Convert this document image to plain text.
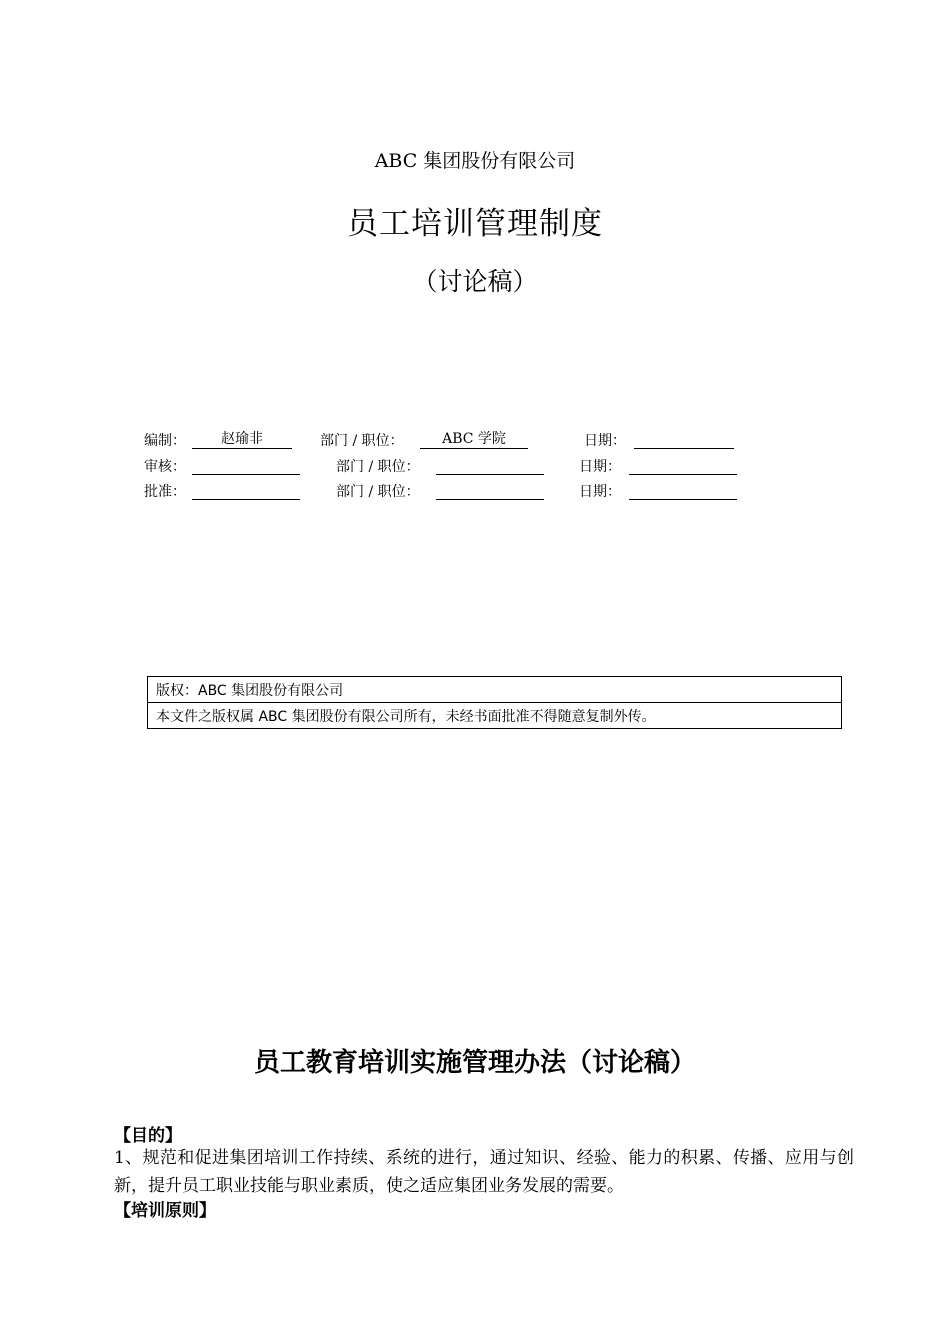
ABC 集团股份有限公司
员工培训管理制度
（讨论稿）
编制：	赵瑜非	部门 / 职位：	ABC 学院	日期：
审核：	部门 / 职位：	日期：
批准：	部门 / 职位：	日期：
版权：ABC 集团股份有限公司
本文件之版权属 ABC 集团股份有限公司所有，未经书面批准不得随意复制外传。
员工教育培训实施管理办法（讨论稿）
【目的】
1、规范和促进集团培训工作持续、系统的进行，通过知识、经验、能力的积累、传播、应用与创新，提升员工职业技能与职业素质，使之适应集团业务发展的需要。
【培训原则】
